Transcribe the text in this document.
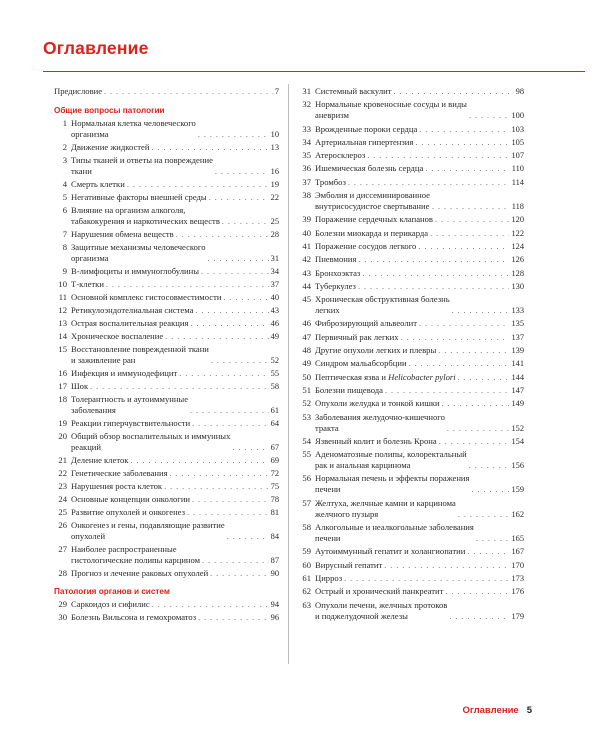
Оглавление
Предисловие . . .	7
Общие вопросы патологии
1 Нормальная клетка человеческого
организма . . .	10
2 Движение жидкостей . . .	13
3 Типы тканей и ответы на повреждение
ткани . . .	16
4 Смерть клетки . . .	19
5 Негативные факторы внешней среды . . .	22
6 Влияние на организм алкоголя,
табакокурения и наркотических веществ . . .	25
7 Нарушения обмена веществ . . .	28
8 Защитные механизмы человеческого
организма . . .	31
9 В-лимфоциты и иммуноглобулины . . .	34
10 Т-клетки . . .	37
11 Основной комплекс гистосовместимости . . .	40
12 Ретикулоэндотелиальная система . . .	43
13 Острая воспалительная реакция . . .	46
14 Хроническое воспаление . . .	49
15 Восстановление поврежденной ткани
и заживление ран . . .	52
16 Инфекция и иммунодефицит . . .	55
17 Шок . . .	58
18 Толерантность и аутоиммунные
заболевания . . .	61
19 Реакции гиперчувствительности . . .	64
20 Общий обзор воспалительных и иммунных
реакций . . .	67
21 Деление клеток . . .	69
22 Генетические заболевания . . .	72
23 Нарушения роста клеток . . .	75
24 Основные концепции онкологии . . .	78
25 Развитие опухолей и онкогенез . . .	81
26 Онкогенез и гены, подавляющие развитие
опухолей . . .	84
27 Наиболее распространенные
гистологические полипы карцином . . .	87
28 Прогноз и лечение раковых опухолей . . .	90
Патология органов и систем
29 Саркоидоз и сифилис . . .	94
30 Болезнь Вильсона и гемохроматоз . . .	96
31 Системный васкулит . . .	98
32 Нормальные кровеносные сосуды и виды
аневризм . . .	100
33 Врожденные пороки сердца . . .	103
34 Артериальная гипертензия . . .	105
35 Атеросклероз . . .	107
36 Ишемическая болезнь сердца . . .	110
37 Тромбоз . . .	114
38 Эмболия и диссеминированное
внутрисосудистое свертывание . . .	118
39 Поражение сердечных клапанов . . .	120
40 Болезни миокарда и перикарда . . .	122
41 Поражение сосудов легкого . . .	124
42 Пневмония . . .	126
43 Бронхоэктаз . . .	128
44 Туберкулез . . .	130
45 Хроническая обструктивная болезнь
легких . . .	133
46 Фиброзирующий альвеолит . . .	135
47 Первичный рак легких . . .	137
48 Другие опухоли легких и плевры . . .	139
49 Синдром мальабсорбции . . .	141
50 Пептическая язва и Helicobacter pylori . . .	144
51 Болезни пищевода . . .	147
52 Опухоли желудка и тонкой кишки . . .	149
53 Заболевания желудочно-кишечного
тракта . . .	152
54 Язвенный колит и болезнь Крона . . .	154
55 Аденоматозные полипы, колоректальный
рак и анальная карцинома . . .	156
56 Нормальная печень и эффекты поражения
печени . . .	159
57 Желтуха, желчные камни и карцинома
желчного пузыря . . .	162
58 Алкогольные и неалкогольные заболевания
печени . . .	165
59 Аутоиммунный гепатит и холангиопатии . . .	167
60 Вирусный гепатит . . .	170
61 Цирроз . . .	173
62 Острый и хронический панкреатит . . .	176
63 Опухоли печени, желчных протоков
и поджелудочной железы . . .	179
Оглавление 5
